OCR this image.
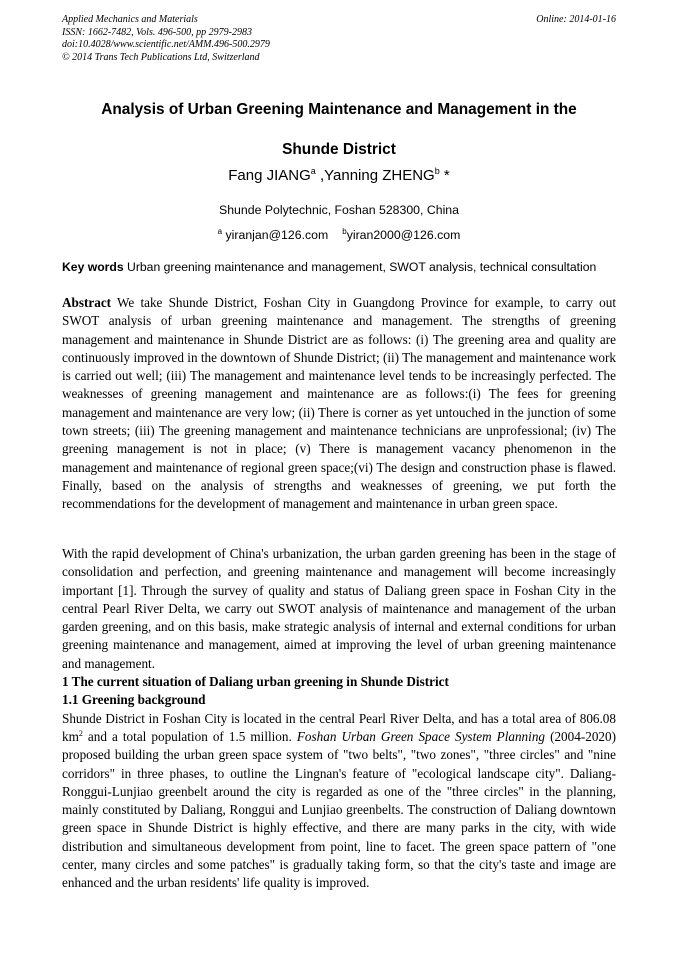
Applied Mechanics and Materials
ISSN: 1662-7482, Vols. 496-500, pp 2979-2983
doi:10.4028/www.scientific.net/AMM.496-500.2979
© 2014 Trans Tech Publications Ltd, Switzerland
Online: 2014-01-16
Analysis of Urban Greening Maintenance and Management in the
Shunde District
Fang JIANG$^a$ ,Yanning ZHENG$^b$ *
Shunde Polytechnic, Foshan 528300, China
$^a$ yiranjan@126.com $^b$yiran2000@126.com
Key words Urban greening maintenance and management, SWOT analysis, technical consultation
Abstract We take Shunde District, Foshan City in Guangdong Province for example, to carry out SWOT analysis of urban greening maintenance and management. The strengths of greening management and maintenance in Shunde District are as follows: (i) The greening area and quality are continuously improved in the downtown of Shunde District; (ii) The management and maintenance work is carried out well; (iii) The management and maintenance level tends to be increasingly perfected. The weaknesses of greening management and maintenance are as follows:(i) The fees for greening management and maintenance are very low; (ii) There is corner as yet untouched in the junction of some town streets; (iii) The greening management and maintenance technicians are unprofessional; (iv) The greening management is not in place; (v) There is management vacancy phenomenon in the management and maintenance of regional green space;(vi) The design and construction phase is flawed. Finally, based on the analysis of strengths and weaknesses of greening, we put forth the recommendations for the development of management and maintenance in urban green space.

With the rapid development of China's urbanization, the urban garden greening has been in the stage of consolidation and perfection, and greening maintenance and management will become increasingly important [1]. Through the survey of quality and status of Daliang green space in Foshan City in the central Pearl River Delta, we carry out SWOT analysis of maintenance and management of the urban garden greening, and on this basis, make strategic analysis of internal and external conditions for urban greening maintenance and management, aimed at improving the level of urban greening maintenance and management.

1 The current situation of Daliang urban greening in Shunde District
1.1 Greening background

Shunde District in Foshan City is located in the central Pearl River Delta, and has a total area of 806.08 $km^2$ and a total population of 1.5 million. Foshan Urban Green Space System Planning (2004-2020) proposed building the urban green space system of "two belts", "two zones", "three circles" and "nine corridors" in three phases, to outline the Lingnan's feature of "ecological landscape city". Daliang-Ronggui-Lunjiao greenbelt around the city is regarded as one of the "three circles" in the planning, mainly constituted by Daliang, Ronggui and Lunjiao greenbelts. The construction of Daliang downtown green space in Shunde District is highly effective, and there are many parks in the city, with wide distribution and simultaneous development from point, line to facet. The green space pattern of "one center, many circles and some patches" is gradually taking form, so that the city's taste and image are enhanced and the urban residents' life quality is improved.
